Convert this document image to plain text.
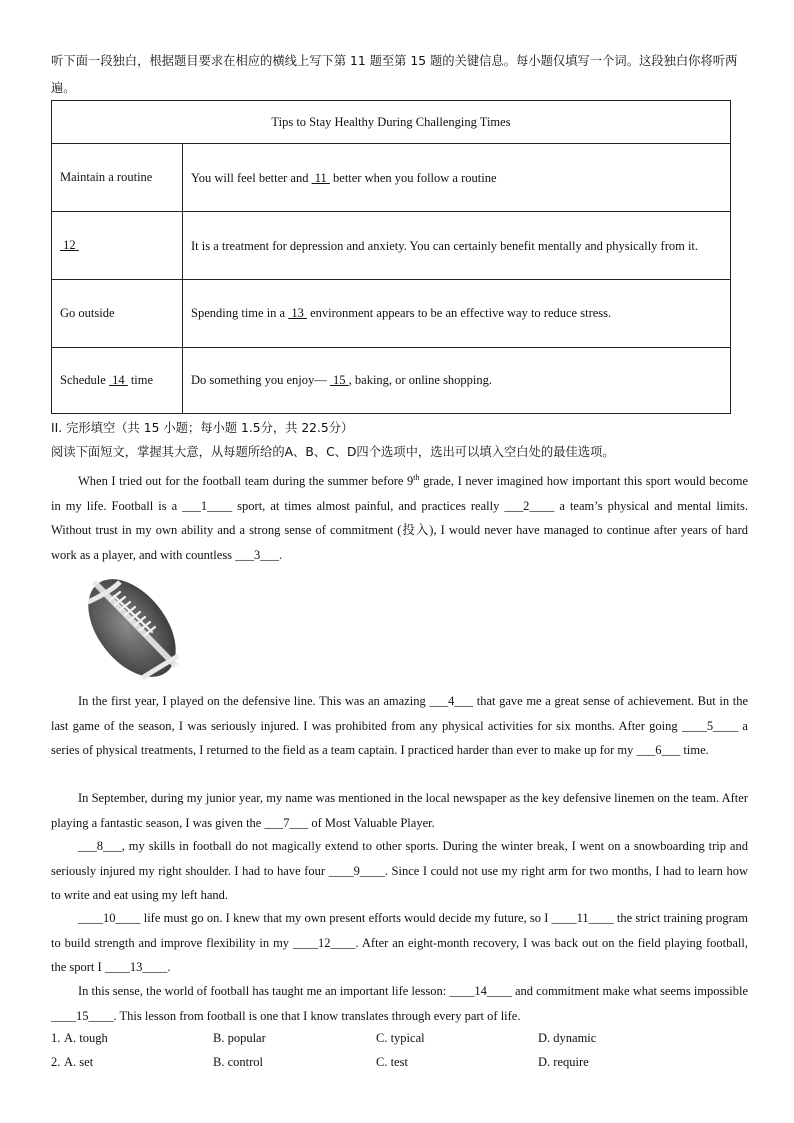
听下面一段独白，根据题目要求在相应的横线上写下第 11 题至第 15 题的关键信息。每小题仅填写一个词。这段独白你将听两遍。
Tips to Stay Healthy During Challenging Times	
Maintain a routine	You will feel better and  11  better when you follow a routine

12	It is a treatment for depression and anxiety. You can certainly benefit mentally and physically from it.

Go outside	Spending time in a  13  environment appears to be an effective way to reduce stress.
Schedule  14  time	Do something you enjoy—  15 , baking, or online shopping.
II. 完形填空（共 15 小题；每小题 1.5分，共 22.5分）
阅读下面短文，掌握其大意，从每题所给的A、B、C、D四个选项中，选出可以填入空白处的最佳选项。
When I tried out for the football team during the summer before 9th grade, I never imagined how important this sport would become in my life. Football is a ___1____ sport, at times almost painful, and practices really ___2____ a team’s physical and mental limits. Without trust in my own ability and a strong sense of commitment (投入), I would never have managed to continue after years of hard work as a player, and with countless ___3___.
In the first year, I played on the defensive line. This was an amazing ___4___ that gave me a great sense of achievement. But in the last game of the season, I was seriously injured. I was prohibited from any physical activities for six months. After going ____5____ a series of physical treatments, I returned to the field as a team captain. I practiced harder than ever to make up for my ___6___ time.
In September, during my junior year, my name was mentioned in the local newspaper as the key defensive linemen on the team. After playing a fantastic season, I was given the ___7___ of Most Valuable Player.
___8___, my skills in football do not magically extend to other sports. During the winter break, I went on a snowboarding trip and seriously injured my right shoulder. I had to have four ____9____. Since I could not use my right arm for two months, I had to learn how to write and eat using my left hand.
____10____ life must go on. I knew that my own present efforts would decide my future, so I ____11____ the strict training program to build strength and improve flexibility in my ____12____. After an eight-month recovery, I was back out on the field playing football, the sport I ____13____.
In this sense, the world of football has taught me an important life lesson: ____14____ and commitment make what seems impossible ____15____. This lesson from football is one that I know translates through every part of life.
1. A. tough	B. popular	C. typical	D. dynamic
2. A. set	B. control	C. test	D. require
